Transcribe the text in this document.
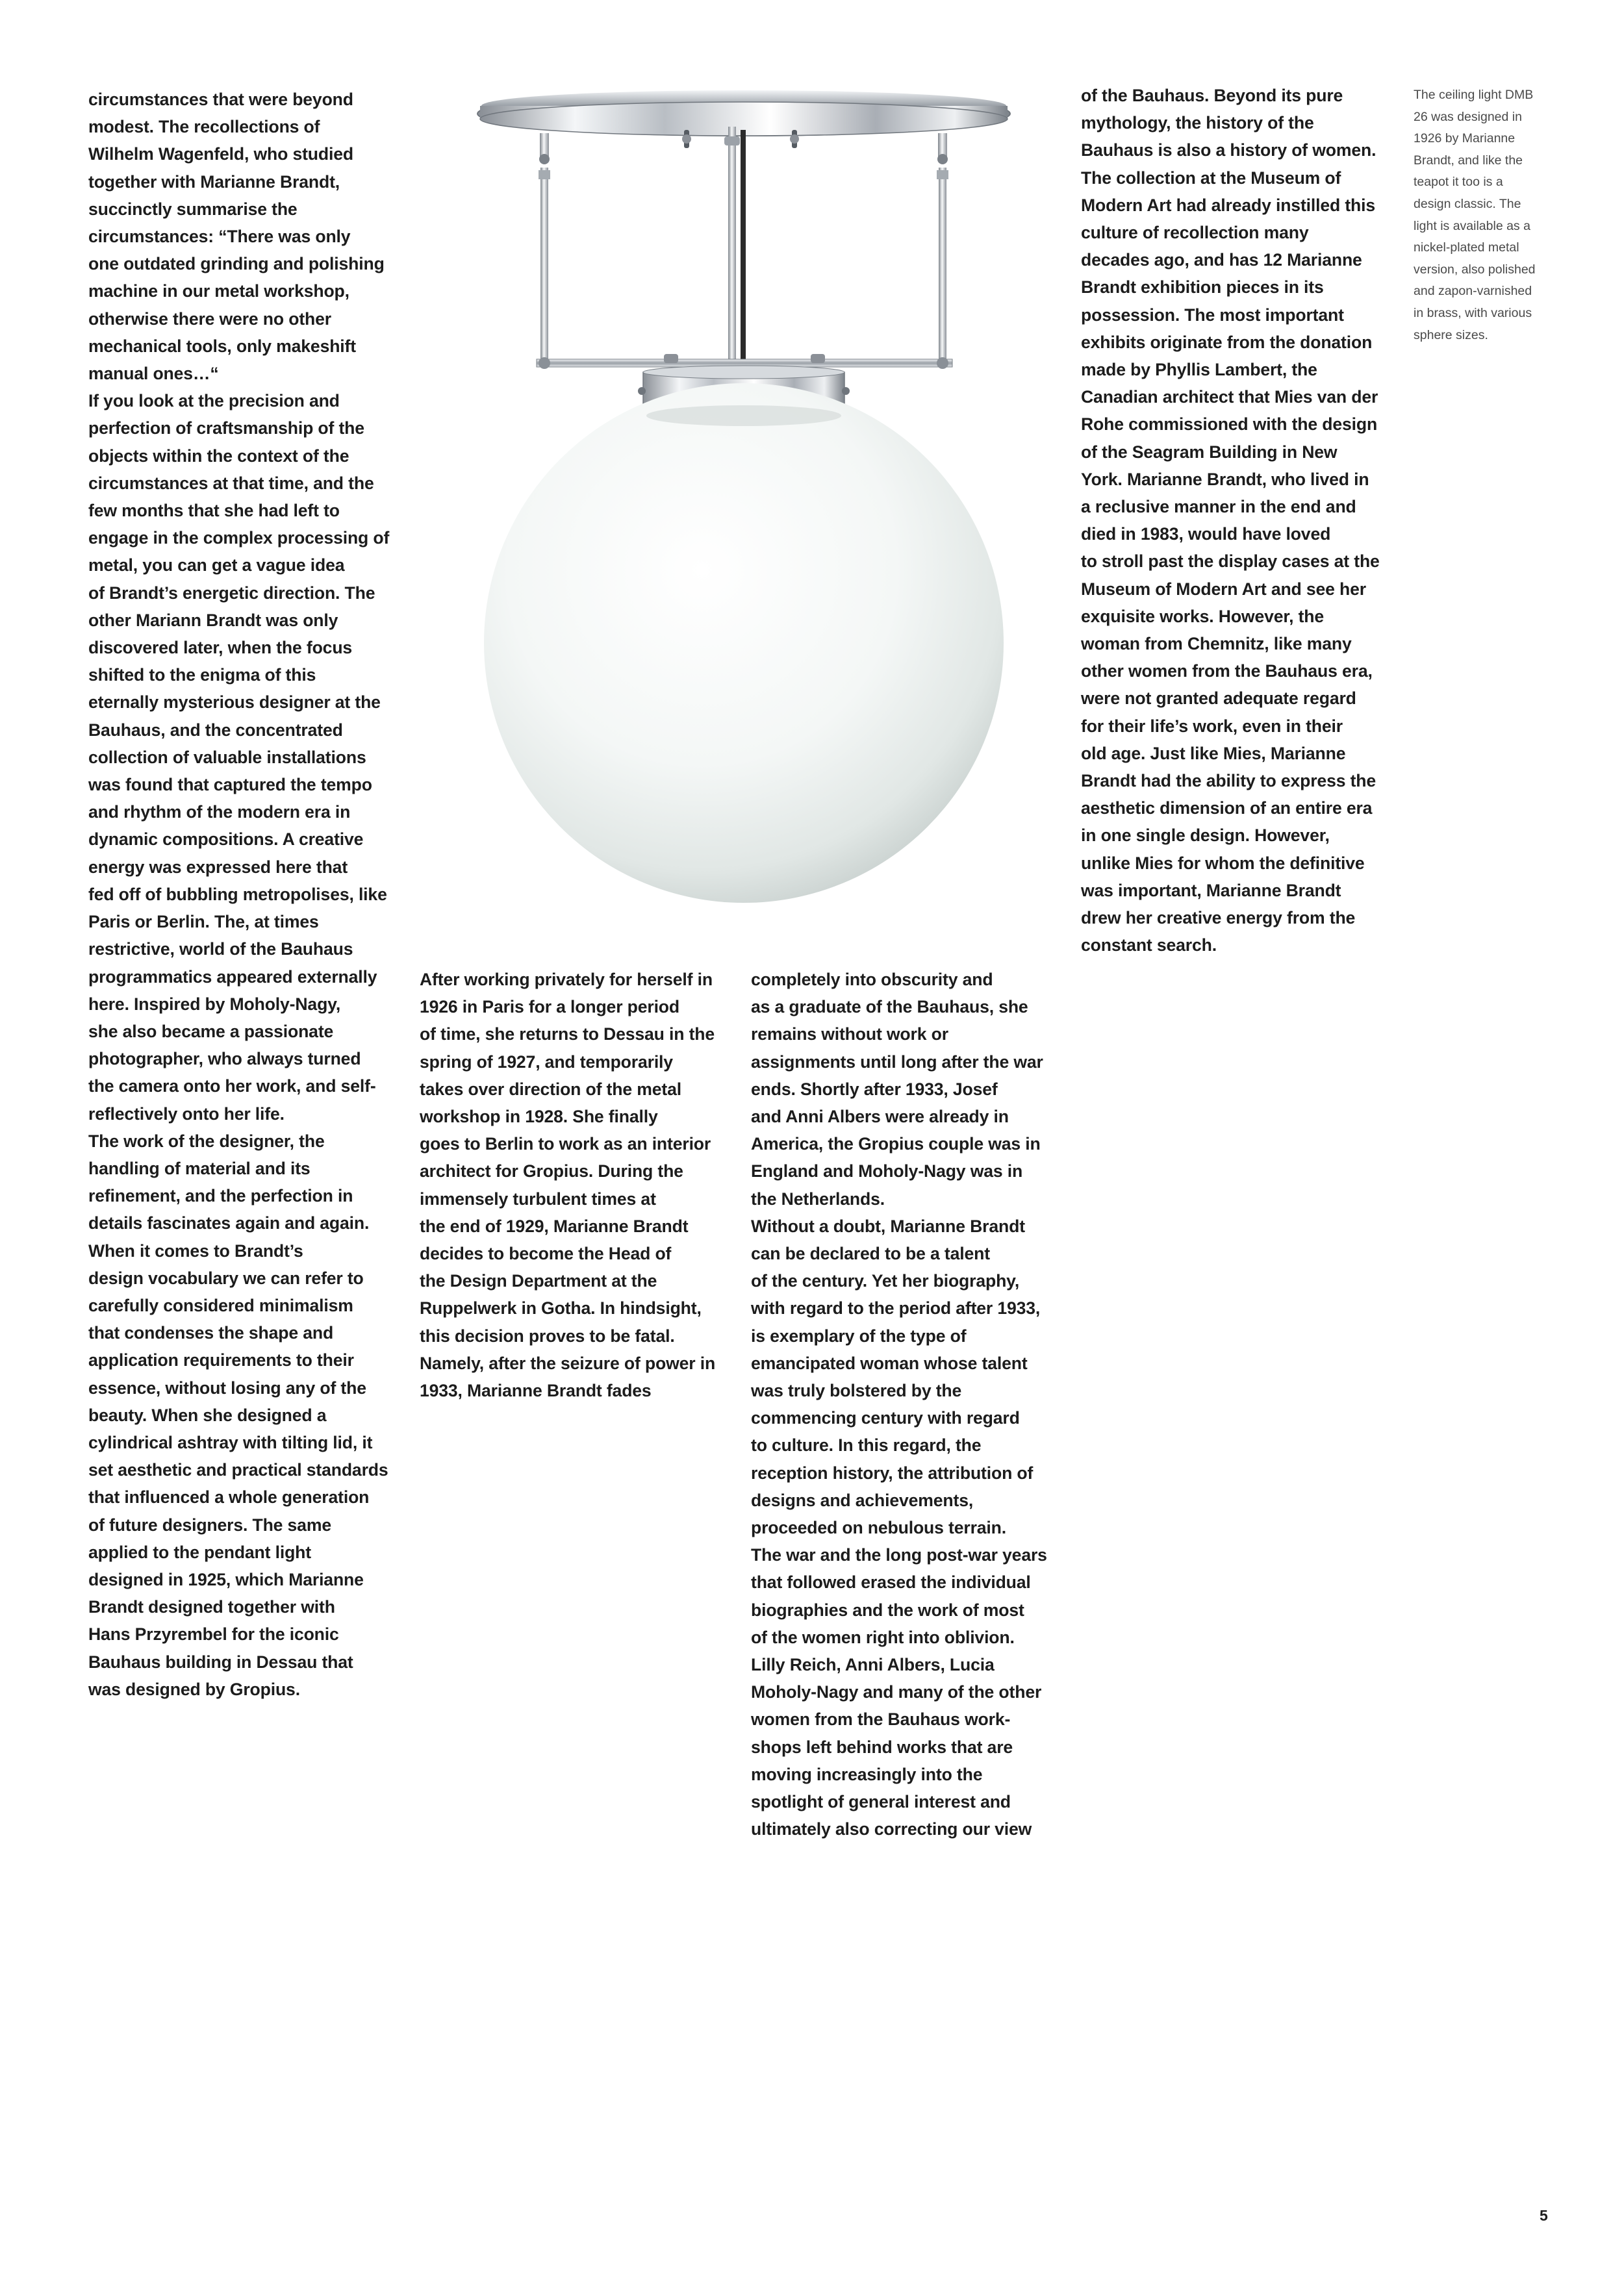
circumstances that were beyond
modest. The recollections of
Wilhelm Wagenfeld, who studied
together with Marianne Brandt,
succinctly summarise the
circumstances: “There was only
one outdated grinding and polishing
machine in our metal workshop,
otherwise there were no other
mechanical tools, only makeshift
manual ones…“
If you look at the precision and
perfection of craftsmanship of the
objects within the context of the
circumstances at that time, and the
few months that she had left to
engage in the complex processing of
metal, you can get a vague idea
of Brandt’s energetic direction. The
other Mariann Brandt was only
discovered later, when the focus
shifted to the enigma of this
eternally mysterious designer at the
Bauhaus, and the concentrated
collection of valuable installations
was found that captured the tempo
and rhythm of the modern era in
dynamic compositions. A creative
energy was expressed here that
fed off of bubbling metropolises, like
Paris or Berlin. The, at times
restrictive, world of the Bauhaus
programmatics appeared externally
here. Inspired by Moholy-Nagy,
she also became a passionate
photographer, who always turned
the camera onto her work, and self-
reflectively onto her life.
The work of the designer, the
handling of material and its
refinement, and the perfection in
details fascinates again and again.
When it comes to Brandt’s
design vocabulary we can refer to
carefully considered minimalism
that condenses the shape and
application requirements to their
essence, without losing any of the
beauty. When she designed a
cylindrical ashtray with tilting lid, it
set aesthetic and practical standards
that influenced a whole generation
of future designers. The same
applied to the pendant light
designed in 1925, which Marianne
Brandt designed together with
Hans Przyrembel for the iconic
Bauhaus building in Dessau that
was designed by Gropius.
After working privately for herself in
1926 in Paris for a longer period
of time, she returns to Dessau in the
spring of 1927, and temporarily
takes over direction of the metal
workshop in 1928. She finally
goes to Berlin to work as an interior
architect for Gropius. During the
immensely turbulent times at
the end of 1929, Marianne Brandt
decides to become the Head of
the Design Department at the
Ruppelwerk in Gotha. In hindsight,
this decision proves to be fatal.
Namely, after the seizure of power in
1933, Marianne Brandt fades
completely into obscurity and
as a graduate of the Bauhaus, she
remains without work or
assignments until long after the war
ends. Shortly after 1933, Josef
and Anni Albers were already in
America, the Gropius couple was in
England and Moholy-Nagy was in
the Netherlands.
Without a doubt, Marianne Brandt
can be declared to be a talent
of the century. Yet her biography,
with regard to the period after 1933,
is exemplary of the type of
emancipated woman whose talent
was truly bolstered by the
commencing century with regard
to culture. In this regard, the
reception history, the attribution of
designs and achievements,
proceeded on nebulous terrain.
The war and the long post-war years
that followed erased the individual
biographies and the work of most
of the women right into oblivion.
Lilly Reich, Anni Albers, Lucia
Moholy-Nagy and many of the other
women from the Bauhaus work-
shops left behind works that are
moving increasingly into the
spotlight of general interest and
ultimately also correcting our view
of the Bauhaus. Beyond its pure
mythology, the history of the
Bauhaus is also a history of women.
The collection at the Museum of
Modern Art had already instilled this
culture of recollection many
decades ago, and has 12 Marianne
Brandt exhibition pieces in its
possession. The most important
exhibits originate from the donation
made by Phyllis Lambert, the
Canadian architect that Mies van der
Rohe commissioned with the design
of the Seagram Building in New
York. Marianne Brandt, who lived in
a reclusive manner in the end and
died in 1983, would have loved
to stroll past the display cases at the
Museum of Modern Art and see her
exquisite works. However, the
woman from Chemnitz, like many
other women from the Bauhaus era,
were not granted adequate regard
for their life’s work, even in their
old age. Just like Mies, Marianne
Brandt had the ability to express the
aesthetic dimension of an entire era
in one single design. However,
unlike Mies for whom the definitive
was important, Marianne Brandt
drew her creative energy from the
constant search.
The ceiling light DMB
26 was designed in
1926 by Marianne
Brandt, and like the
teapot it too is a
design classic. The
light is available as a
nickel-plated metal
version, also polished
and zapon-varnished
in brass, with various
sphere sizes.
5
